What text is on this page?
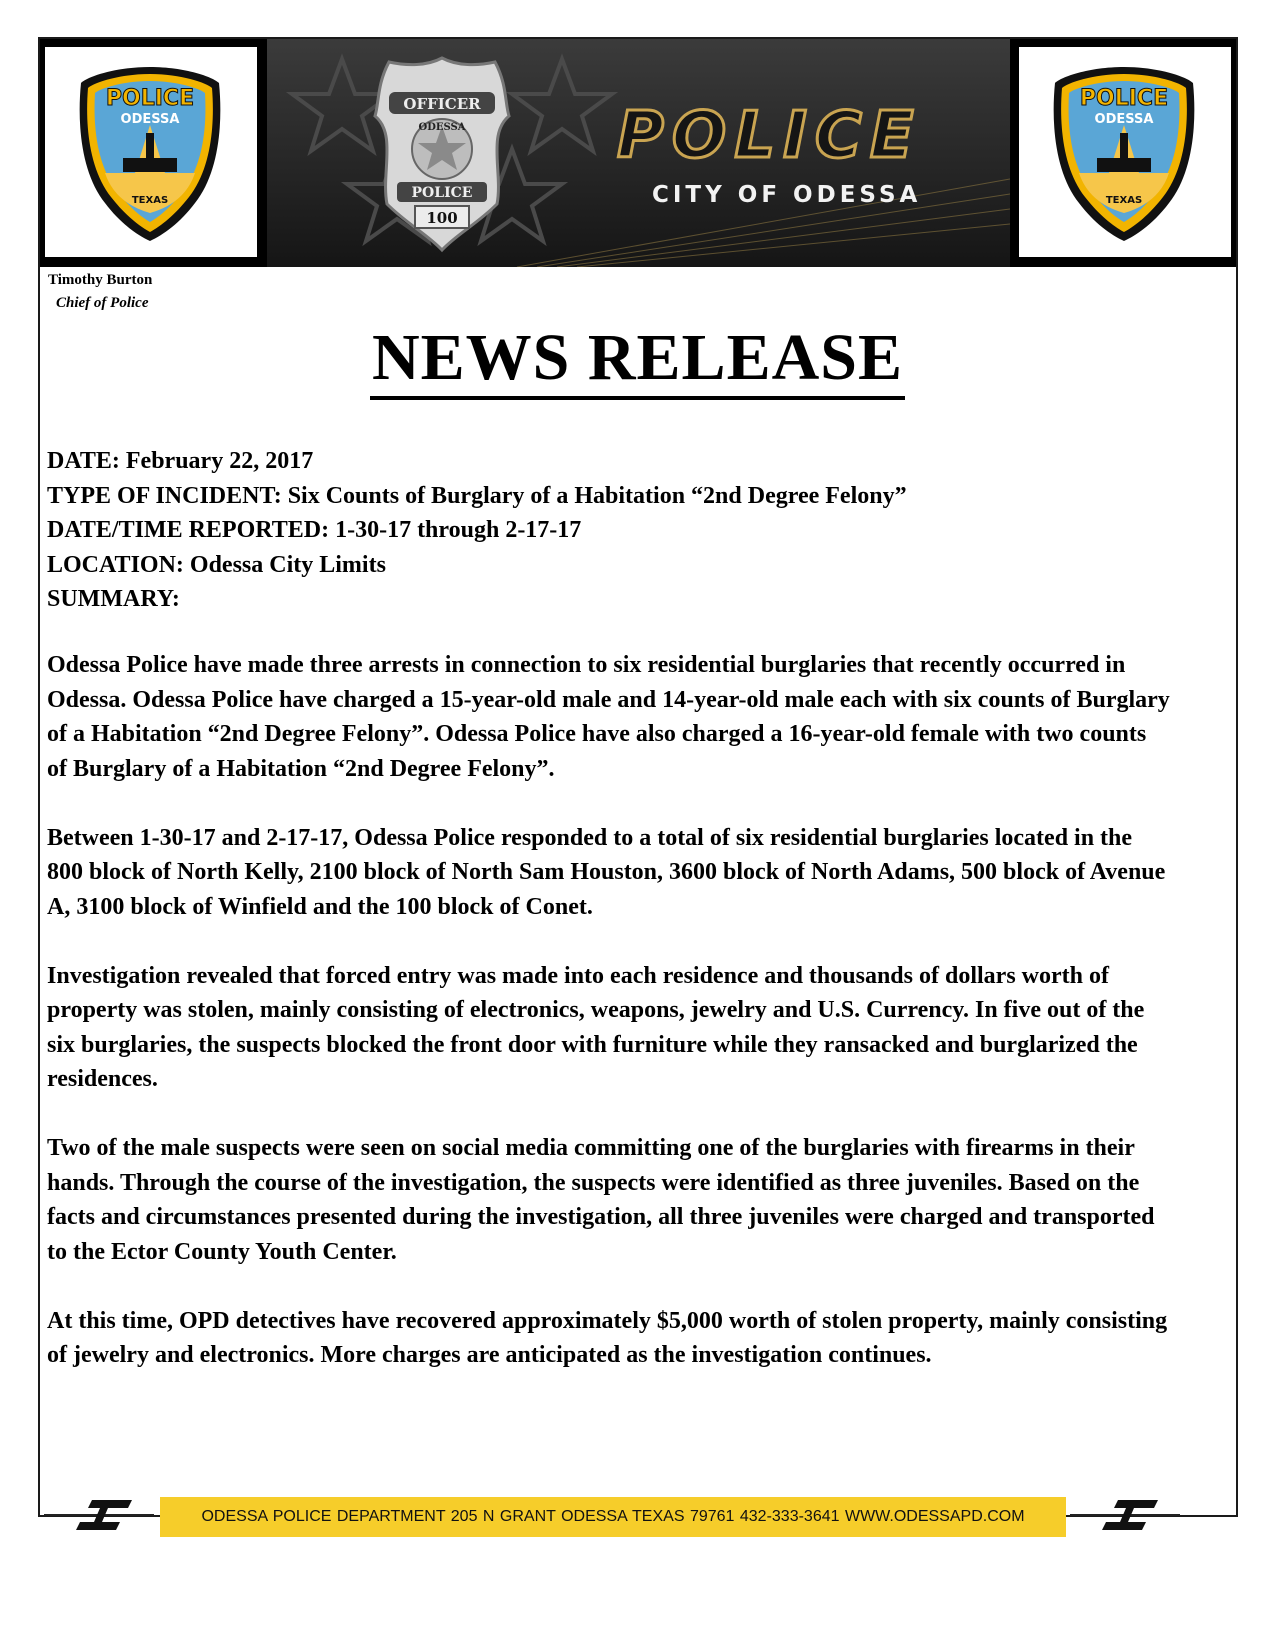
POLICE
ODESSA
TEXAS
OFFICER
ODESSA
POLICE
100
POLICE
CITY OF ODESSA
POLICE
ODESSA
TEXAS
Timothy Burton
Chief of Police
NEWS RELEASE
DATE: February 22, 2017
TYPE OF INCIDENT: Six Counts of Burglary of a Habitation “2nd Degree Felony”
DATE/TIME REPORTED: 1-30-17 through 2-17-17
LOCATION: Odessa City Limits
SUMMARY:

Odessa Police have made three arrests in connection to six residential burglaries that recently occurred in Odessa. Odessa Police have charged a 15-year-old male and 14-year-old male each with six counts of Burglary of a Habitation “2nd Degree Felony”. Odessa Police have also charged a 16-year-old female with two counts of Burglary of a Habitation “2nd Degree Felony”.

Between 1-30-17 and 2-17-17, Odessa Police responded to a total of six residential burglaries located in the 800 block of North Kelly, 2100 block of North Sam Houston, 3600 block of North Adams, 500 block of Avenue A, 3100 block of Winfield and the 100 block of Conet.

Investigation revealed that forced entry was made into each residence and thousands of dollars worth of property was stolen, mainly consisting of electronics, weapons, jewelry and U.S. Currency. In five out of the six burglaries, the suspects blocked the front door with furniture while they ransacked and burglarized the residences.

Two of the male suspects were seen on social media committing one of the burglaries with firearms in their hands. Through the course of the investigation, the suspects were identified as three juveniles. Based on the facts and circumstances presented during the investigation, all three juveniles were charged and transported to the Ector County Youth Center.

At this time, OPD detectives have recovered approximately $5,000 worth of stolen property, mainly consisting of jewelry and electronics. More charges are anticipated as the investigation continues.

ODESSA POLICE DEPARTMENT 205 N GRANT ODESSA TEXAS 79761 432-333-3641 WWW.ODESSAPD.COM
